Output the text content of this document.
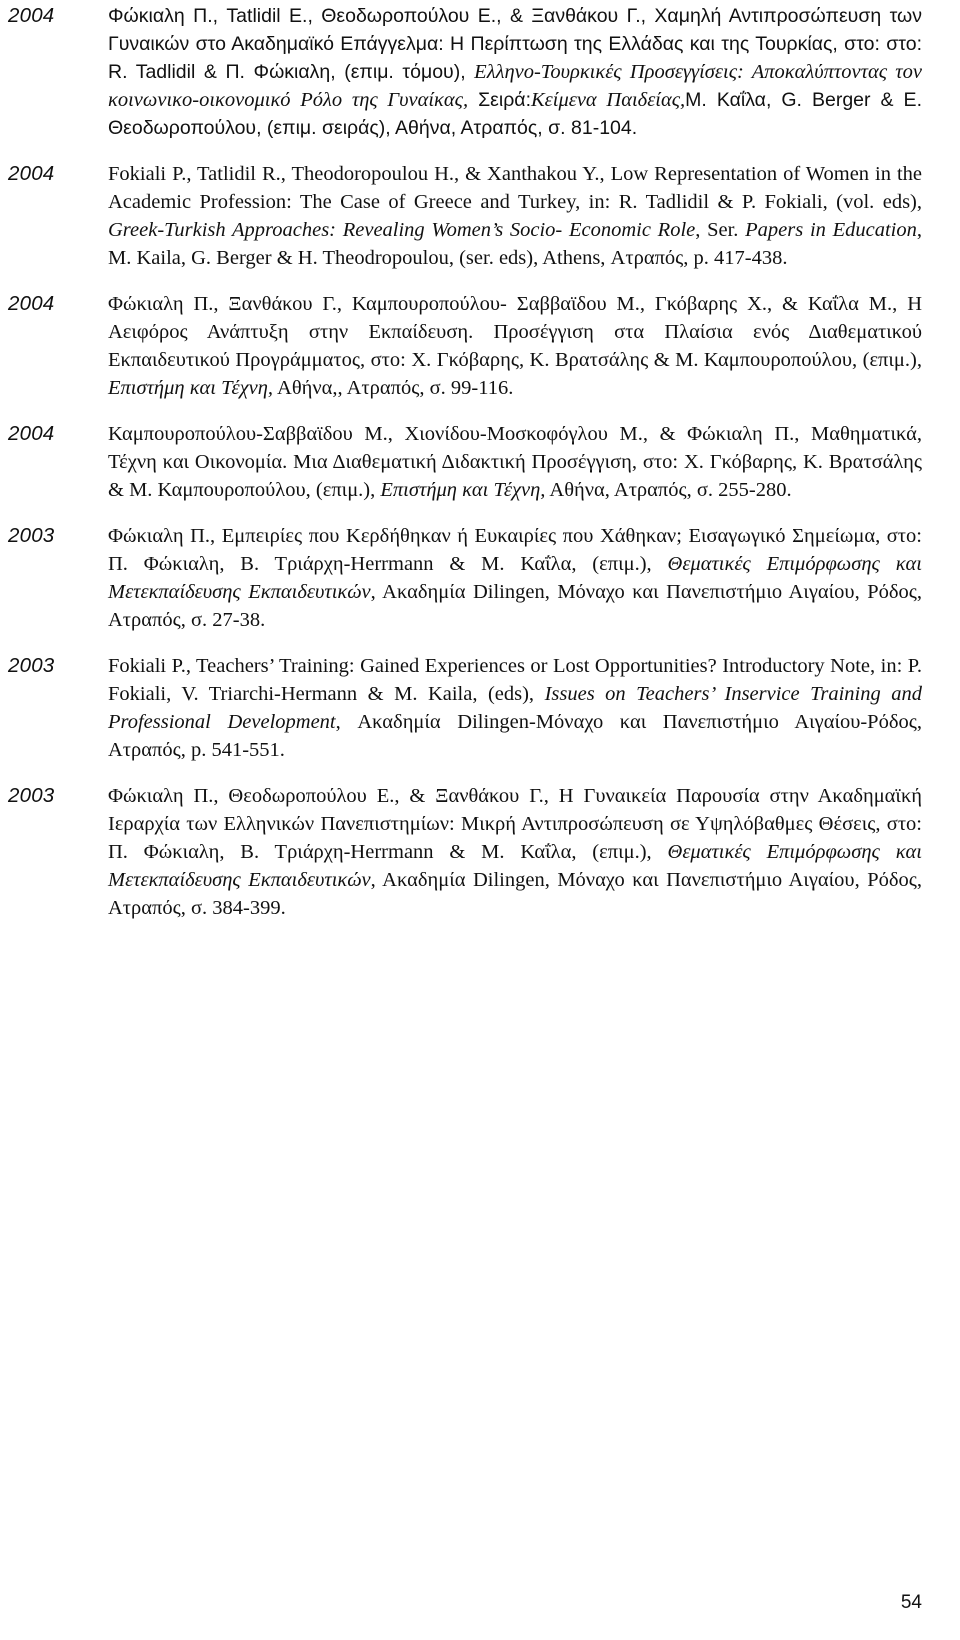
2004	Φώκιαλη Π., Tatlidil E., Θεοδωροπούλου Ε., & Ξανθάκου Γ., Χαμηλή Αντιπροσώπευση των Γυναικών στο Ακαδημαϊκό Επάγγελμα: Η Περίπτωση της Ελλάδας και της Τουρκίας, στο: στο: R. Tadlidil & Π. Φώκιαλη, (επιμ. τόμου), Ελληνο-Τουρκικές Προσεγγίσεις: Αποκαλύπτοντας τον κοινωνικο-οικονομικό Ρόλο της Γυναίκας, Σειρά:Κείμενα Παιδείας,Μ. Καΐλα, G. Berger & Ε. Θεοδωροπούλου, (επιμ. σειράς), Αθήνα, Ατραπός, σ. 81-104.
2004	Fokiali P., Tatlidil R., Theodoropoulou H., & Xanthakou Y., Low Representation of Women in the Academic Profession: The Case of Greece and Turkey, in: R. Tadlidil & P. Fokiali, (vol. eds), Greek-Turkish Approaches: Revealing Women’s Socio- Economic Role, Ser. Papers in Education, M. Kaila, G. Berger & H. Theodropoulou, (ser. eds), Athens, Ατραπός, p. 417-438.
2004	Φώκιαλη Π., Ξανθάκου Γ., Καμπουροπούλου- Σαββαϊδου Μ., Γκόβαρης Χ., & Καΐλα Μ., Η Αειφόρος Ανάπτυξη στην Εκπαίδευση. Προσέγγιση στα Πλαίσια ενός Διαθεματικού Εκπαιδευτικού Προγράμματος, στο: Χ. Γκόβαρης, Κ. Βρατσάλης & Μ. Καμπουροπούλου, (επιμ.), Επιστήμη και Τέχνη, Αθήνα,, Ατραπός, σ. 99-116.
2004	Καμπουροπούλου-Σαββαϊδου Μ., Χιονίδου-Μοσκοφόγλου Μ., & Φώκιαλη Π., Μαθηματικά, Τέχνη και Οικονομία. Μια Διαθεματική Διδακτική Προσέγγιση, στο: Χ. Γκόβαρης, Κ. Βρατσάλης & Μ. Καμπουροπούλου, (επιμ.), Επιστήμη και Τέχνη, Αθήνα, Ατραπός, σ. 255-280.
2003	Φώκιαλη Π., Εμπειρίες που Κερδήθηκαν ή Ευκαιρίες που Χάθηκαν; Εισαγωγικό Σημείωμα, στο: Π. Φώκιαλη, Β. Τριάρχη-Herrmann & Μ. Καΐλα, (επιμ.), Θεματικές Επιμόρφωσης και Μετεκπαίδευσης Εκπαιδευτικών, Ακαδημία Dilingen, Μόναχο και Πανεπιστήμιο Αιγαίου, Ρόδος, Ατραπός, σ. 27-38.
2003	Fokiali P., Teachers’ Training: Gained Experiences or Lost Opportunities? Introductory Note, in: P. Fokiali, V. Triarchi-Hermann & M. Kaila, (eds), Issues on Teachers’ Inservice Training and Professional Development, Ακαδημία Dilingen-Μόναχο και Πανεπιστήμιο Αιγαίου-Ρόδος, Ατραπός, p. 541-551.
2003	Φώκιαλη Π., Θεοδωροπούλου Ε., & Ξανθάκου Γ., Η Γυναικεία Παρουσία στην Ακαδημαϊκή Ιεραρχία των Ελληνικών Πανεπιστημίων: Μικρή Αντιπροσώπευση σε Υψηλόβαθμες Θέσεις, στο: Π. Φώκιαλη, Β. Τριάρχη-Herrmann & Μ. Καΐλα, (επιμ.), Θεματικές Επιμόρφωσης και Μετεκπαίδευσης Εκπαιδευτικών, Ακαδημία Dilingen, Μόναχο και Πανεπιστήμιο Αιγαίου, Ρόδος, Ατραπός, σ. 384-399.
54
